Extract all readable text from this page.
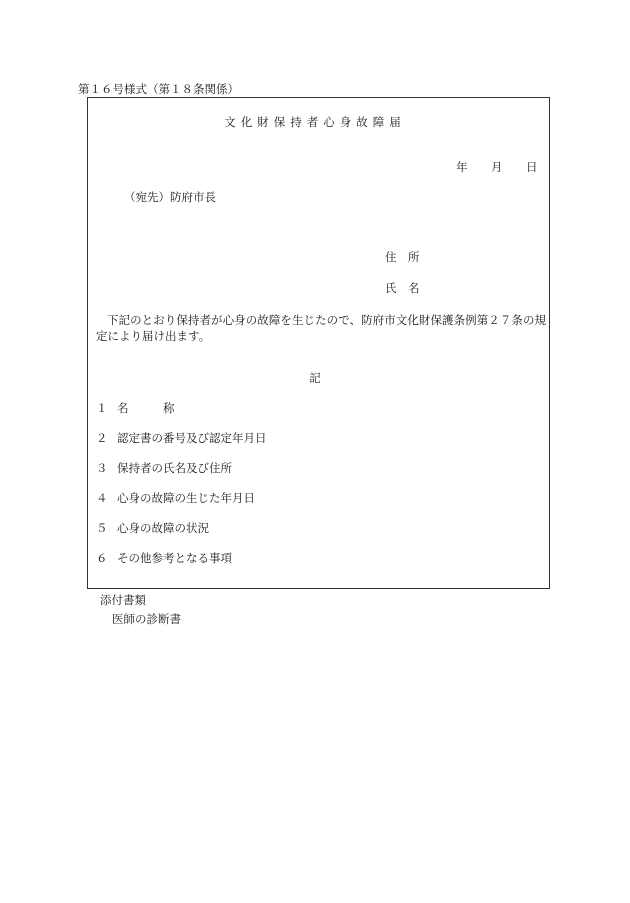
第１６号様式（第１８条関係）
文化財保持者心身故障届
年 月 日
（宛先）防府市長
住　所
氏　名
下記のとおり保持者が心身の故障を生じたので、防府市文化財保護条例第２７条の規定により届け出ます。
記
１ 名　　　称
２ 認定書の番号及び認定年月日
３ 保持者の氏名及び住所
４ 心身の故障の生じた年月日
５ 心身の故障の状況
６ その他参考となる事項
添付書類
医師の診断書
